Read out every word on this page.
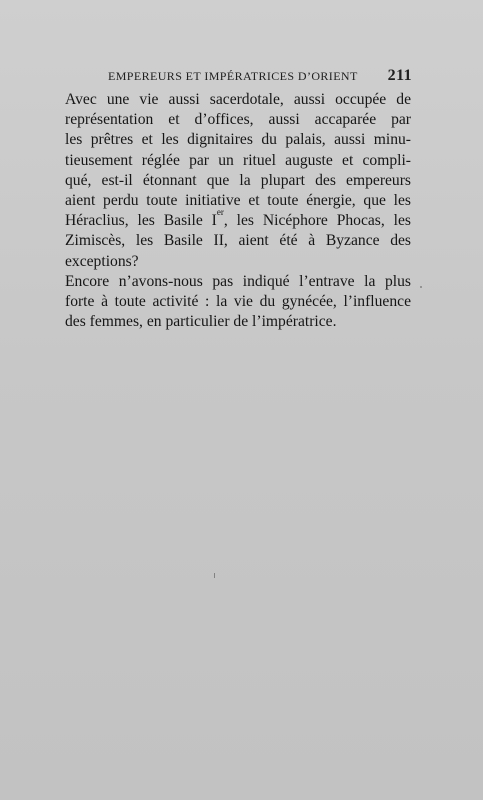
EMPEREURS ET IMPÉRATRICES D’ORIENT 211

Avec une vie aussi sacerdotale, aussi occupée de
représentation et d’offices, aussi accaparée par
les prêtres et les dignitaires du palais, aussi minu-
tieusement réglée par un rituel auguste et compli-
qué, est-il étonnant que la plupart des empereurs
aient perdu toute initiative et toute énergie, que les
Héraclius, les Basile Ier, les Nicéphore Phocas, les
Zimiscès, les Basile II, aient été à Byzance des
exceptions?

Encore n’avons-nous pas indiqué l’entrave la plus
forte à toute activité : la vie du gynécée, l’influence
des femmes, en particulier de l’impératrice.
